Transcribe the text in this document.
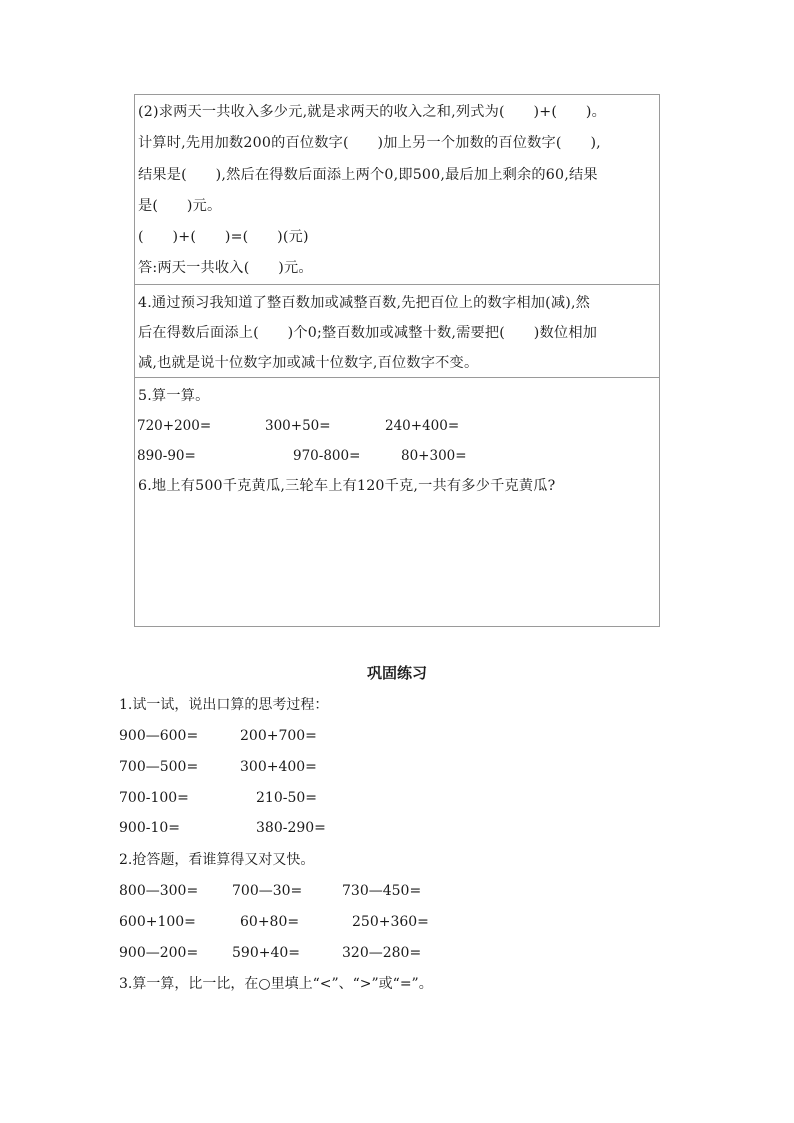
(2)求两天一共收入多少元,就是求两天的收入之和,列式为(　　)+(　　)。
计算时,先用加数200的百位数字(　　)加上另一个加数的百位数字(　　),
结果是(　　),然后在得数后面添上两个0,即500,最后加上剩余的60,结果
是(　　)元。
(　　)+(　　)=(　　)(元)
答:两天一共收入(　　)元。
4.通过预习我知道了整百数加或减整百数,先把百位上的数字相加(减),然
后在得数后面添上(　　)个0;整百数加或减整十数,需要把(　　)数位相加
减,也就是说十位数字加或减十位数字,百位数字不变。
5.算一算。
720+200=	300+50=	240+400=
890-90=	970-800=	80+300=
6.地上有500千克黄瓜,三轮车上有120千克,一共有多少千克黄瓜?
巩固练习
1.试一试，说出口算的思考过程：
900—600=	200+700=
700—500=	300+400=
700-100=	210-50=
900-10=	380-290=
2.抢答题，看谁算得又对又快。
800—300= 700—30=	730—450=
600+100=	60+80=	250+360=
900—200= 590+40=	320—280=
3.算一算，比一比，在○里填上“<”、“>”或“=”。
